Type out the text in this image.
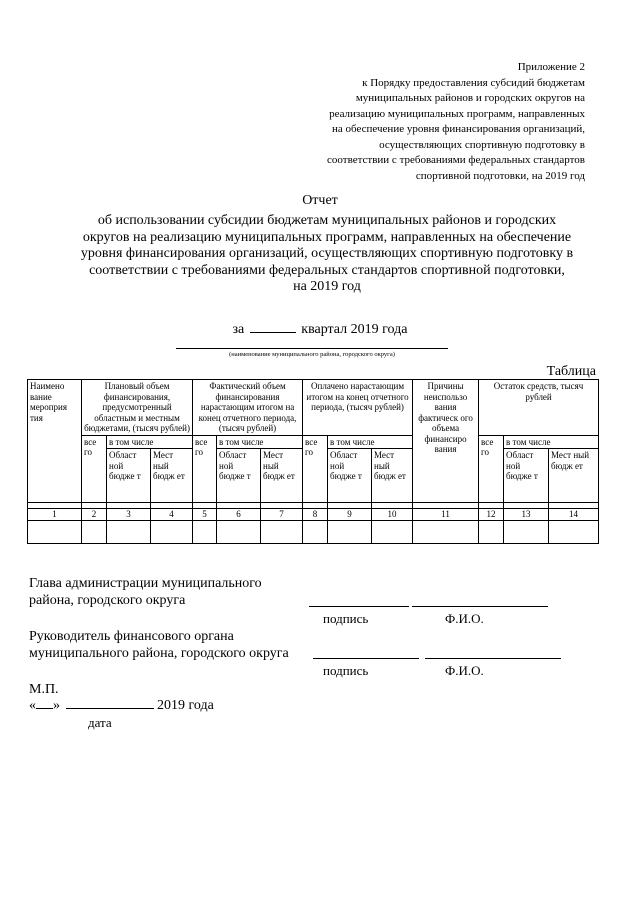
Приложение 2
к Порядку предоставления субсидий бюджетам
муниципальных районов и городских округов на
реализацию муниципальных программ, направленных
на обеспечение уровня финансирования организаций,
осуществляющих спортивную подготовку в
соответствии с требованиями федеральных стандартов
спортивной подготовки, на 2019 год
Отчет
об использовании субсидии бюджетам муниципальных районов и городских
округов на реализацию муниципальных программ, направленных на обеспечение
уровня финансирования организаций, осуществляющих спортивную подготовку в
соответствии с требованиями федеральных стандартов спортивной подготовки,
на 2019 год
за	квартал 2019 года
(наименование муниципального района, городского округа)
Таблица
Наимено вание мероприя тия	Плановый объем финансирования, предусмотренный областным и местным бюджетами, (тысяч рублей)			Фактический объем финансирования нарастающим итогом на конец отчетного периода, (тысяч рублей)			Оплачено нарастающим итогом на конец отчетного периода, (тысяч рублей)			Причины неиспользо вания фактическ ого объема финансиро вания	Остаток средств, тысяч рублей		
	все го	в том числе		все го	в том числе		все го	в том числе			все го	в том числе	
		Област ной бюдже т	Мест ный бюдж ет		Област ной бюдже т	Мест ный бюдж ет		Област ной бюдже т	Мест ный бюдж ет			Област ной бюдже т	Мест ный бюдж ет

1	2	3	4	5	6	7	8	9	10	11	12	13	14

Глава администрации муниципального
района, городского округа
подпись	Ф.И.О.
Руководитель финансового органа
муниципального района, городского округа
подпись	Ф.И.О.
М.П.
« »	2019 года
дата
